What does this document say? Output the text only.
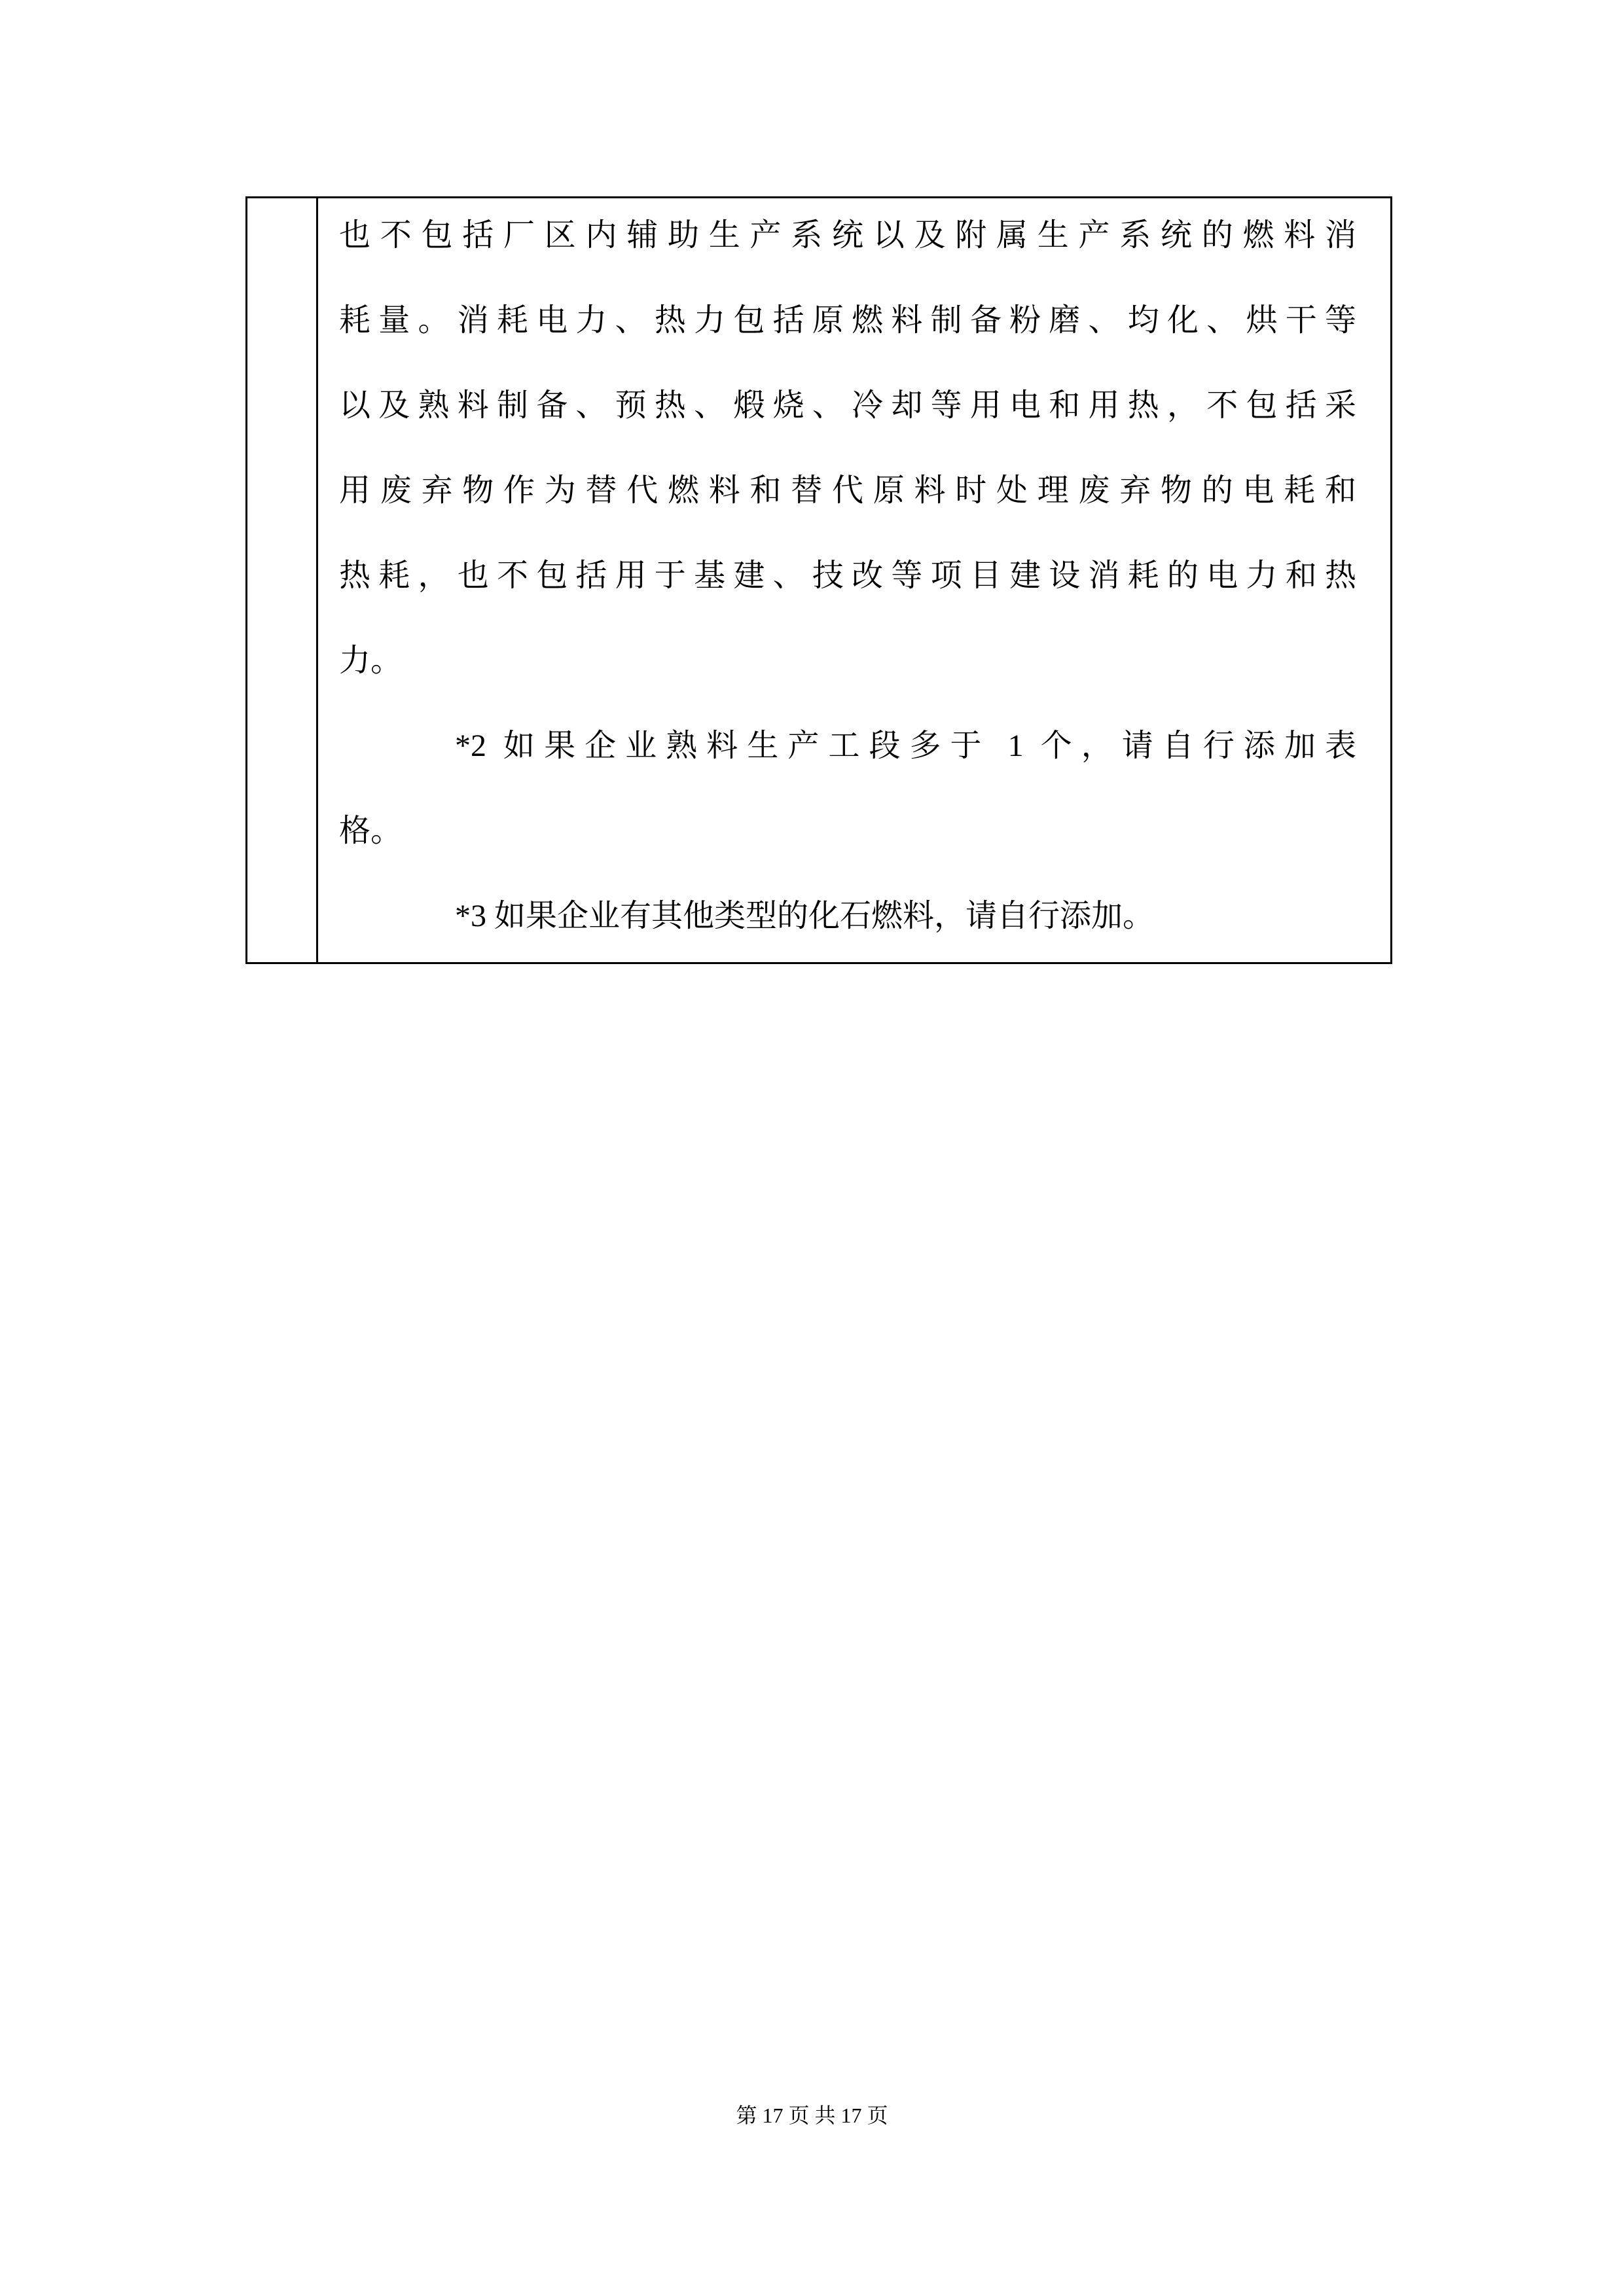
也不包括厂区内辅助生产系统以及附属生产系统的燃料消
耗量。消耗电力、热力包括原燃料制备粉磨、均化、烘干等
以及熟料制备、预热、煅烧、冷却等用电和用热，不包括采
用废弃物作为替代燃料和替代原料时处理废弃物的电耗和
热耗，也不包括用于基建、技改等项目建设消耗的电力和热
力。
*2 如果企业熟料生产工段多于 1 个，请自行添加表
格。
*3 如果企业有其他类型的化石燃料，请自行添加。
第 17 页 共 17 页
